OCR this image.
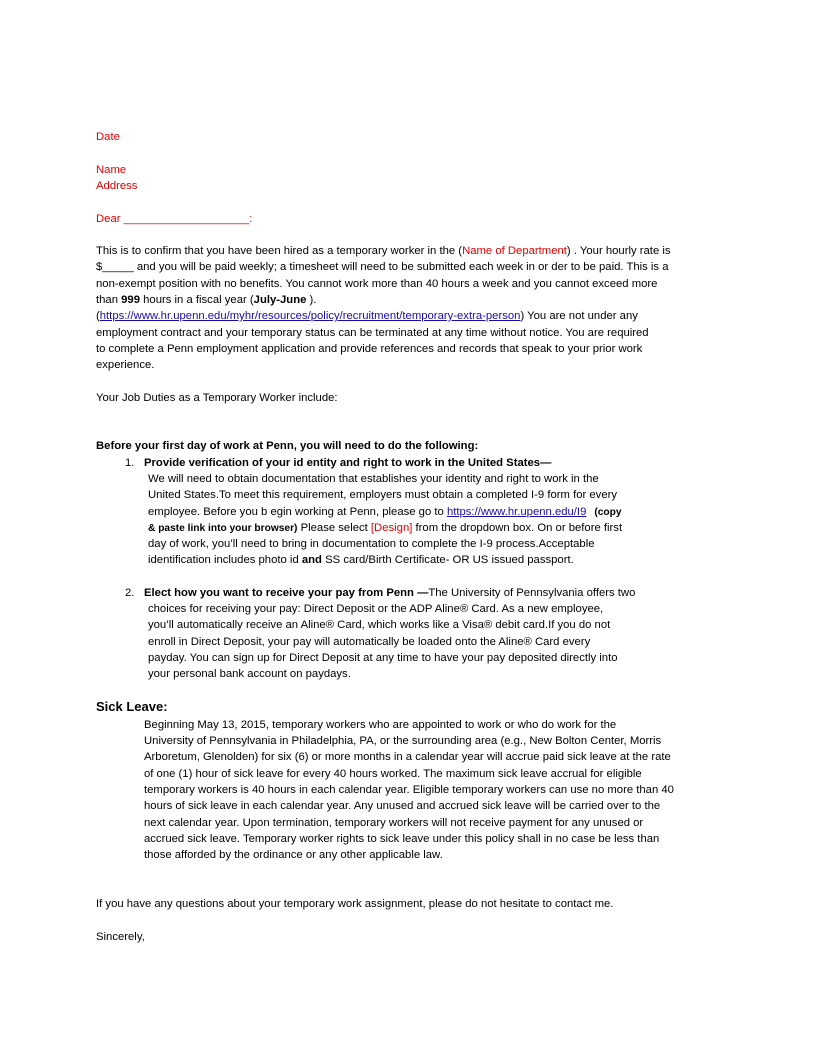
Date
Name
Address
Dear ____________________:
This is to confirm that you have been hired as a temporary worker in the (Name of Department) . Your hourly rate is
$_____ and you will be paid weekly; a timesheet will need to be submitted each week in or der to be paid. This is a
non-exempt position with no benefits. You cannot work more than 40 hours a week and you cannot exceed more
than 999 hours in a fiscal year (July-June ).
(https://www.hr.upenn.edu/myhr/resources/policy/recruitment/temporary-extra-person) You are not under any
employment contract and your temporary status can be terminated at any time without notice. You are required
to complete a Penn employment application and provide references and records that speak to your prior work
experience.
Your Job Duties as a Temporary Worker include:
Before your first day of work at Penn, you will need to do the following:
1. Provide verification of your id entity and right to work in the United States—
We will need to obtain documentation that establishes your identity and right to work in the
United States.To meet this requirement, employers must obtain a completed I-9 form for every
employee. Before you b egin working at Penn, please go to https://www.hr.upenn.edu/I9 (copy
& paste link into your browser) Please select [Design] from the dropdown box. On or before first
day of work, you’ll need to bring in documentation to complete the I-9 process.Acceptable
identification includes photo id and SS card/Birth Certificate- OR US issued passport.
2. Elect how you want to receive your pay from Penn —The University of Pennsylvania offers two
choices for receiving your pay: Direct Deposit or the ADP Aline® Card. As a new employee,
you’ll automatically receive an Aline® Card, which works like a Visa® debit card.If you do not
enroll in Direct Deposit, your pay will automatically be loaded onto the Aline® Card every
payday. You can sign up for Direct Deposit at any time to have your pay deposited directly into
your personal bank account on paydays.
Sick Leave:
Beginning May 13, 2015, temporary workers who are appointed to work or who do work for the
University of Pennsylvania in Philadelphia, PA, or the surrounding area (e.g., New Bolton Center, Morris
Arboretum, Glenolden) for six (6) or more months in a calendar year will accrue paid sick leave at the rate
of one (1) hour of sick leave for every 40 hours worked. The maximum sick leave accrual for eligible
temporary workers is 40 hours in each calendar year. Eligible temporary workers can use no more than 40
hours of sick leave in each calendar year. Any unused and accrued sick leave will be carried over to the
next calendar year. Upon termination, temporary workers will not receive payment for any unused or
accrued sick leave. Temporary worker rights to sick leave under this policy shall in no case be less than
those afforded by the ordinance or any other applicable law.
If you have any questions about your temporary work assignment, please do not hesitate to contact me.
Sincerely,
